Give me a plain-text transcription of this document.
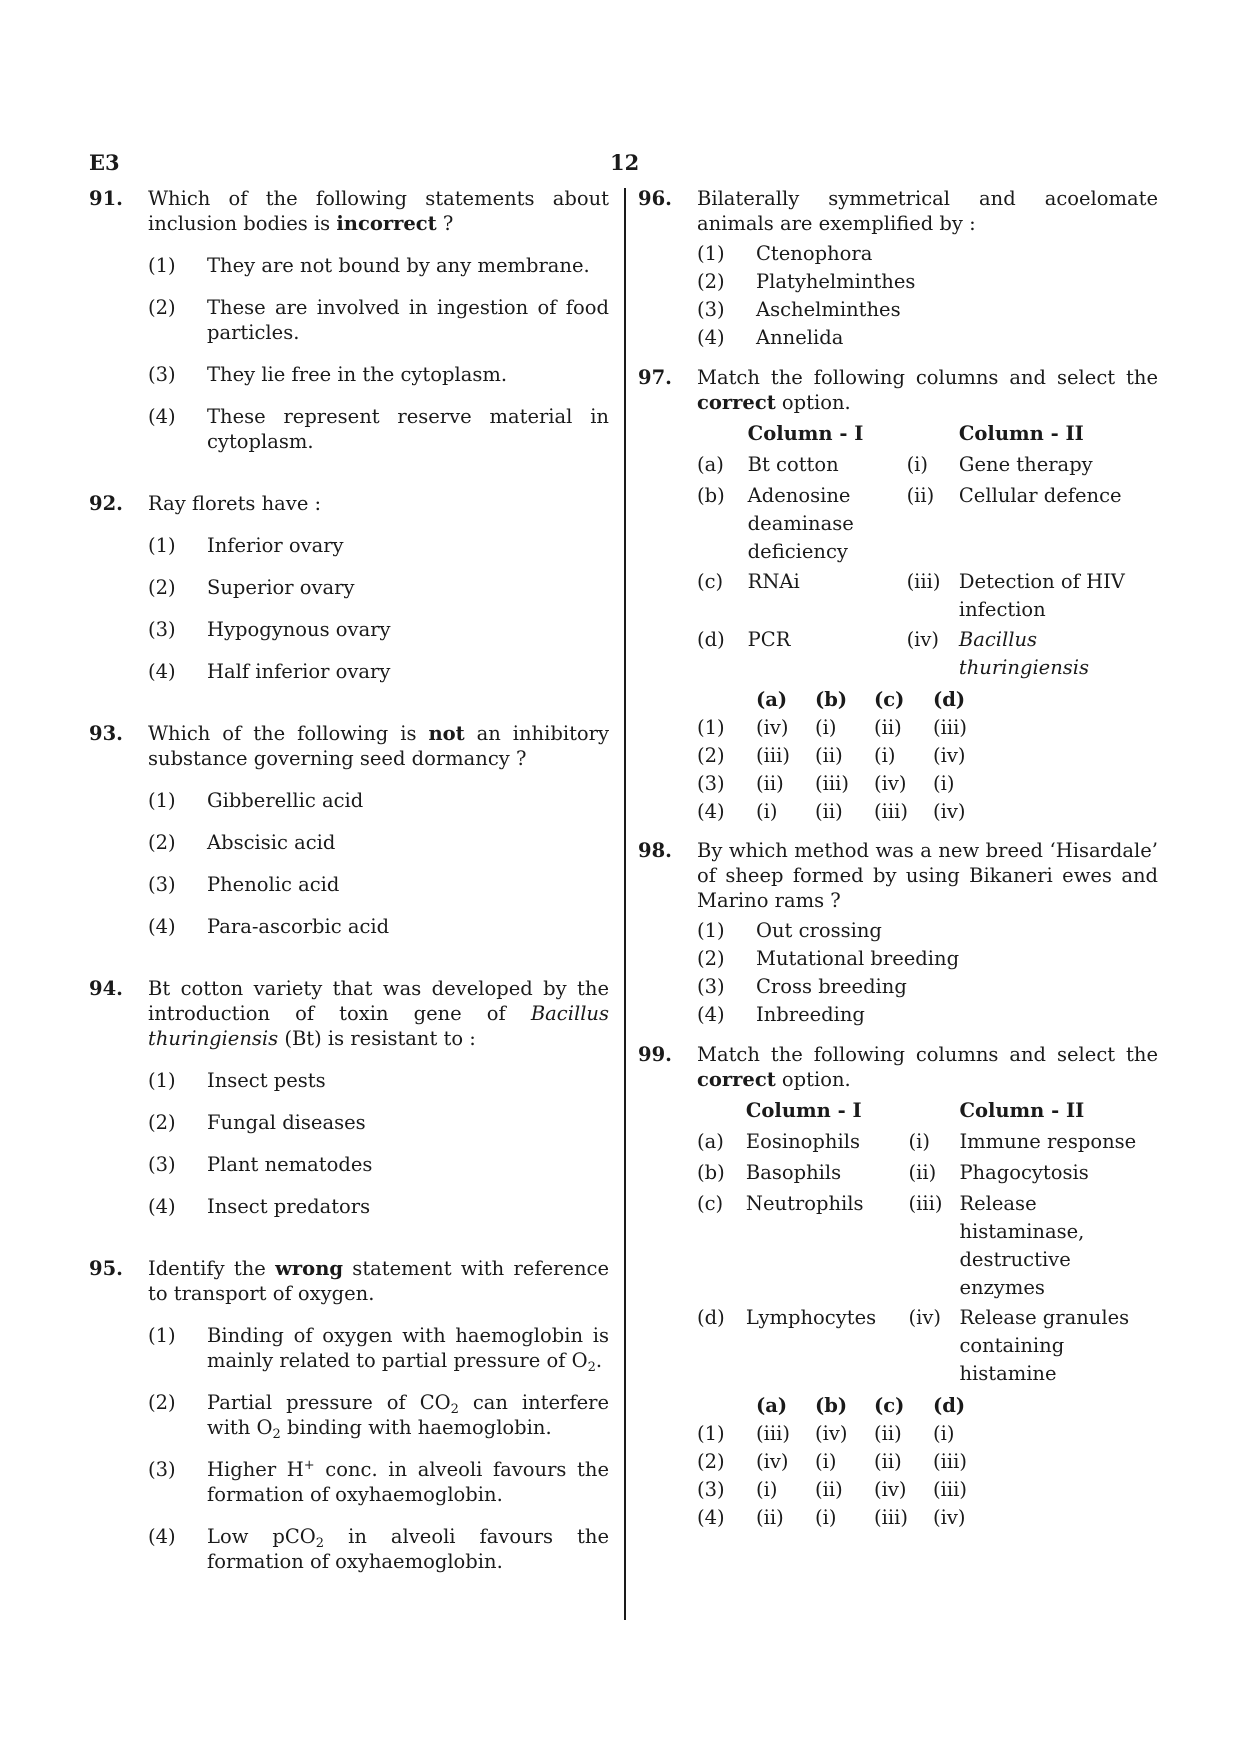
E3	12
91. Which of the following statements about inclusion bodies is incorrect ?
(1) They are not bound by any membrane.
(2) These are involved in ingestion of food particles.
(3) They lie free in the cytoplasm.
(4) These represent reserve material in cytoplasm.
92. Ray florets have :
(1) Inferior ovary
(2) Superior ovary
(3) Hypogynous ovary
(4) Half inferior ovary
93. Which of the following is not an inhibitory substance governing seed dormancy ?
(1) Gibberellic acid
(2) Abscisic acid
(3) Phenolic acid
(4) Para-ascorbic acid
94. Bt cotton variety that was developed by the introduction of toxin gene of Bacillus thuringiensis (Bt) is resistant to :
(1) Insect pests
(2) Fungal diseases
(3) Plant nematodes
(4) Insect predators
95. Identify the wrong statement with reference to transport of oxygen.
(1) Binding of oxygen with haemoglobin is mainly related to partial pressure of $O_2$.
(2) Partial pressure of $CO_2$ can interfere with $O_2$ binding with haemoglobin.
(3) Higher H+ conc. in alveoli favours the formation of oxyhaemoglobin.
(4) Low pCO$_2$ in alveoli favours the formation of oxyhaemoglobin.
96. Bilaterally symmetrical and acoelomate animals are exemplified by :
(1) Ctenophora
(2) Platyhelminthes
(3) Aschelminthes
(4) Annelida
97. Match the following columns and select the correct option.
	Column - I		Column - II
(a)	Bt cotton	(i)	Gene therapy
(b)	Adenosine deaminase deficiency	(ii)	Cellular defence
(c)	RNAi	(iii)	Detection of HIV infection
(d)	PCR	(iv)	Bacillus thuringiensis
	(a)	(b)	(c)	(d)
(1)	(iv)	(i)	(ii)	(iii)
(2)	(iii)	(ii)	(i)	(iv)
(3)	(ii)	(iii)	(iv)	(i)
(4)	(i)	(ii)	(iii)	(iv)
98. By which method was a new breed ‘Hisardale’ of sheep formed by using Bikaneri ewes and Marino rams ?
(1) Out crossing
(2) Mutational breeding
(3) Cross breeding
(4) Inbreeding
99. Match the following columns and select the correct option.
	Column - I		Column - II
(a)	Eosinophils	(i)	Immune response
(b)	Basophils	(ii)	Phagocytosis
(c)	Neutrophils	(iii)	Release histaminase, destructive enzymes
(d)	Lymphocytes	(iv)	Release granules containing histamine
	(a)	(b)	(c)	(d)
(1)	(iii)	(iv)	(ii)	(i)
(2)	(iv)	(i)	(ii)	(iii)
(3)	(i)	(ii)	(iv)	(iii)
(4)	(ii)	(i)	(iii)	(iv)
